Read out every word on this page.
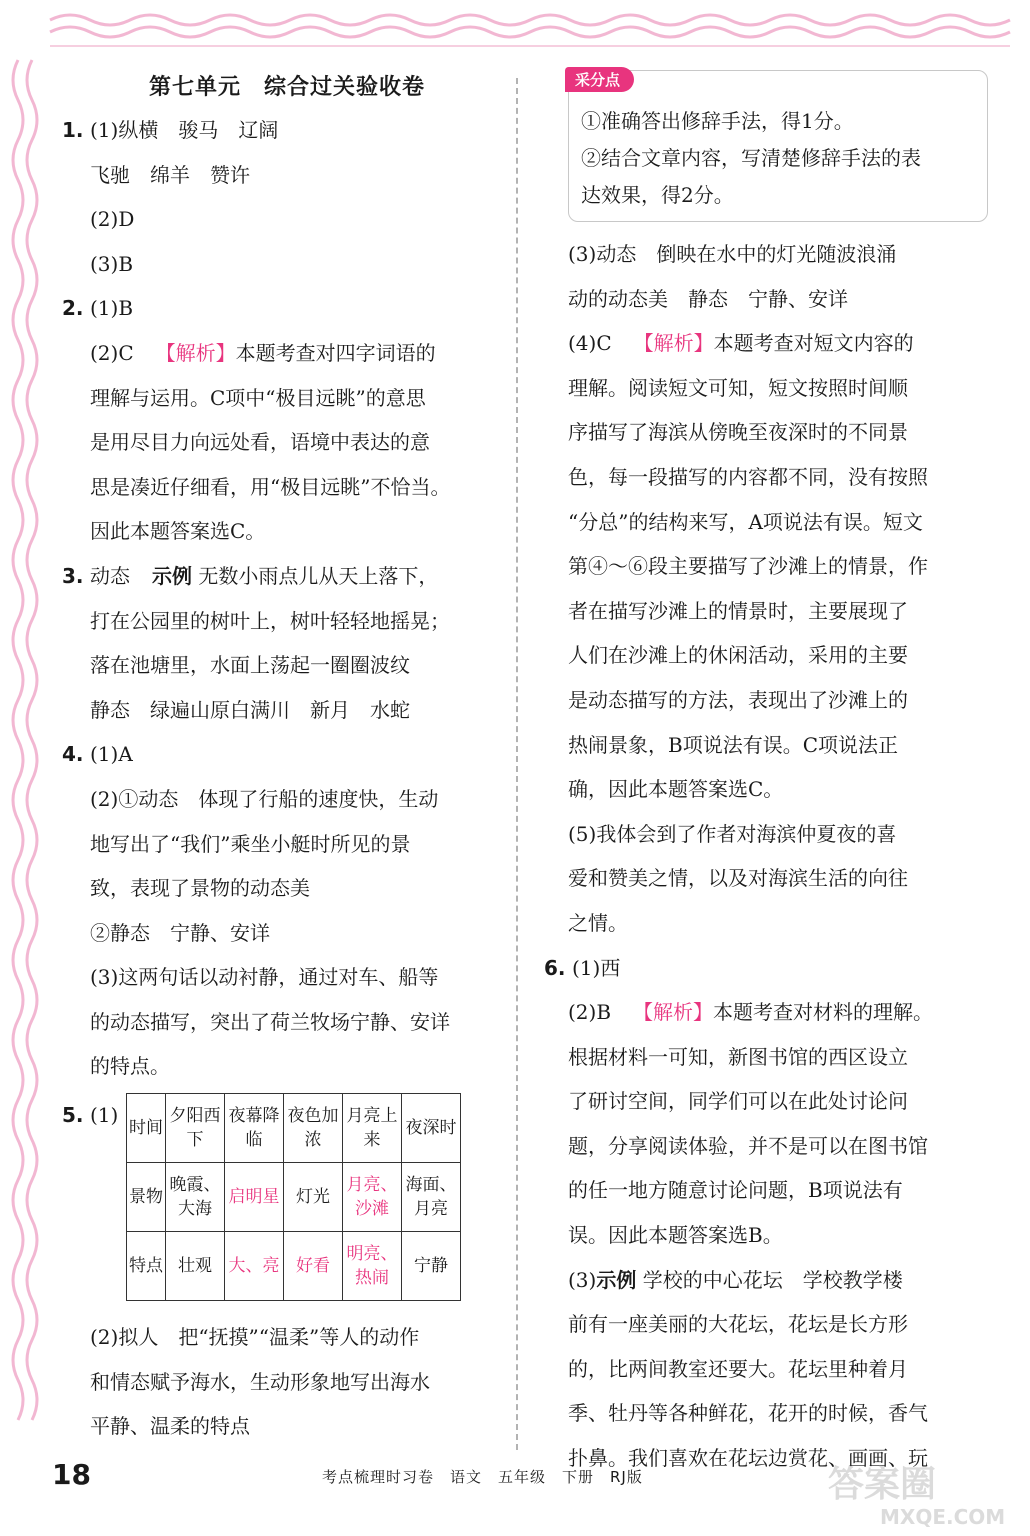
第七单元　综合过关验收卷
1. (1)纵横　骏马　辽阔
飞驰　绵羊　赞许
(2)D
(3)B
2. (1)B
(2)C 【解析】本题考查对四字词语的
理解与运用。C项中“极目远眺”的意思
是用尽目力向远处看，语境中表达的意
思是凑近仔细看，用“极目远眺”不恰当。
因此本题答案选C。
3. 动态 示例 无数小雨点儿从天上落下，
打在公园里的树叶上，树叶轻轻地摇晃；
落在池塘里，水面上荡起一圈圈波纹
静态　绿遍山原白满川　新月　水蛇
4. (1)A
(2)①动态　体现了行船的速度快，生动
地写出了“我们”乘坐小艇时所见的景
致，表现了景物的动态美
②静态　宁静、安详
(3)这两句话以动衬静，通过对车、船等
的动态描写，突出了荷兰牧场宁静、安详
的特点。
5. (1)
时间	夕阳西下	夜幕降临	夜色加浓	月亮上来	夜深时
景物	晚霞、大海	启明星	灯光	月亮、沙滩	海面、月亮
特点	壮观	大、亮	好看	明亮、热闹	宁静
(2)拟人　把“抚摸”“温柔”等人的动作
和情态赋予海水，生动形象地写出海水
平静、温柔的特点
采分点
①准确答出修辞手法，得1分。
②结合文章内容，写清楚修辞手法的表
达效果，得2分。
(3)动态　倒映在水中的灯光随波浪涌
动的动态美　静态　宁静、安详
(4)C 【解析】本题考查对短文内容的
理解。阅读短文可知，短文按照时间顺
序描写了海滨从傍晚至夜深时的不同景
色，每一段描写的内容都不同，没有按照
“分总”的结构来写，A项说法有误。短文
第④～⑥段主要描写了沙滩上的情景，作
者在描写沙滩上的情景时，主要展现了
人们在沙滩上的休闲活动，采用的主要
是动态描写的方法，表现出了沙滩上的
热闹景象，B项说法有误。C项说法正
确，因此本题答案选C。
(5)我体会到了作者对海滨仲夏夜的喜
爱和赞美之情，以及对海滨生活的向往
之情。
6. (1)西
(2)B 【解析】本题考查对材料的理解。
根据材料一可知，新图书馆的西区设立
了研讨空间，同学们可以在此处讨论问
题，分享阅读体验，并不是可以在图书馆
的任一地方随意讨论问题，B项说法有
误。因此本题答案选B。
(3)示例 学校的中心花坛　学校教学楼
前有一座美丽的大花坛，花坛是长方形
的，比两间教室还要大。花坛里种着月
季、牡丹等各种鲜花，花开的时候，香气
扑鼻。我们喜欢在花坛边赏花、画画、玩
18	考点梳理时习卷　语文　五年级　下册　RJ版	答案圈
MXQE.COM
